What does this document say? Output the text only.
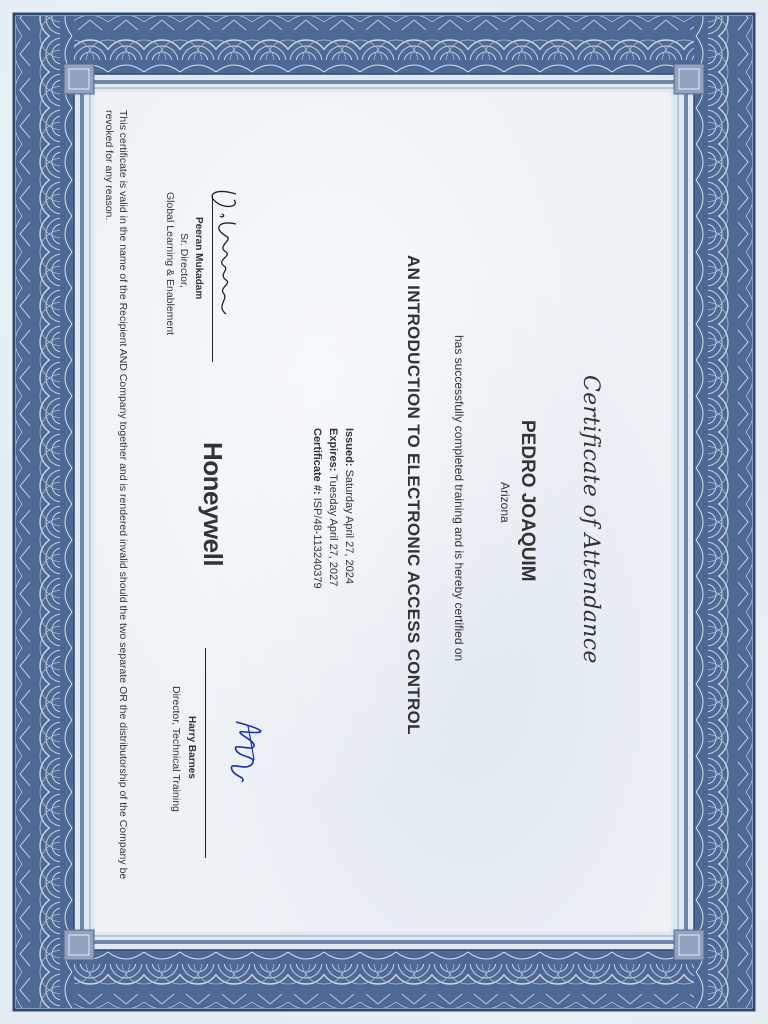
Certificate of Attendance
PEDRO JOAQUIM
Arizona
has successfully completed training and is hereby certified on
AN INTRODUCTION TO ELECTRONIC ACCESS CONTROL
Issued: Saturday April 27, 2024
Expires: Tuesday April 27, 2027
Certificate #: ISP/48-113240379
Harry Barnes
Director, Technical Training
Honeywell
Peeran Mukadam
Sr. Director,
Global Learning & Enablement
This certificate is valid in the name of the Recipient AND Company together and is rendered invalid should the two separate OR the distributorship of the Company be revoked for any reason.
